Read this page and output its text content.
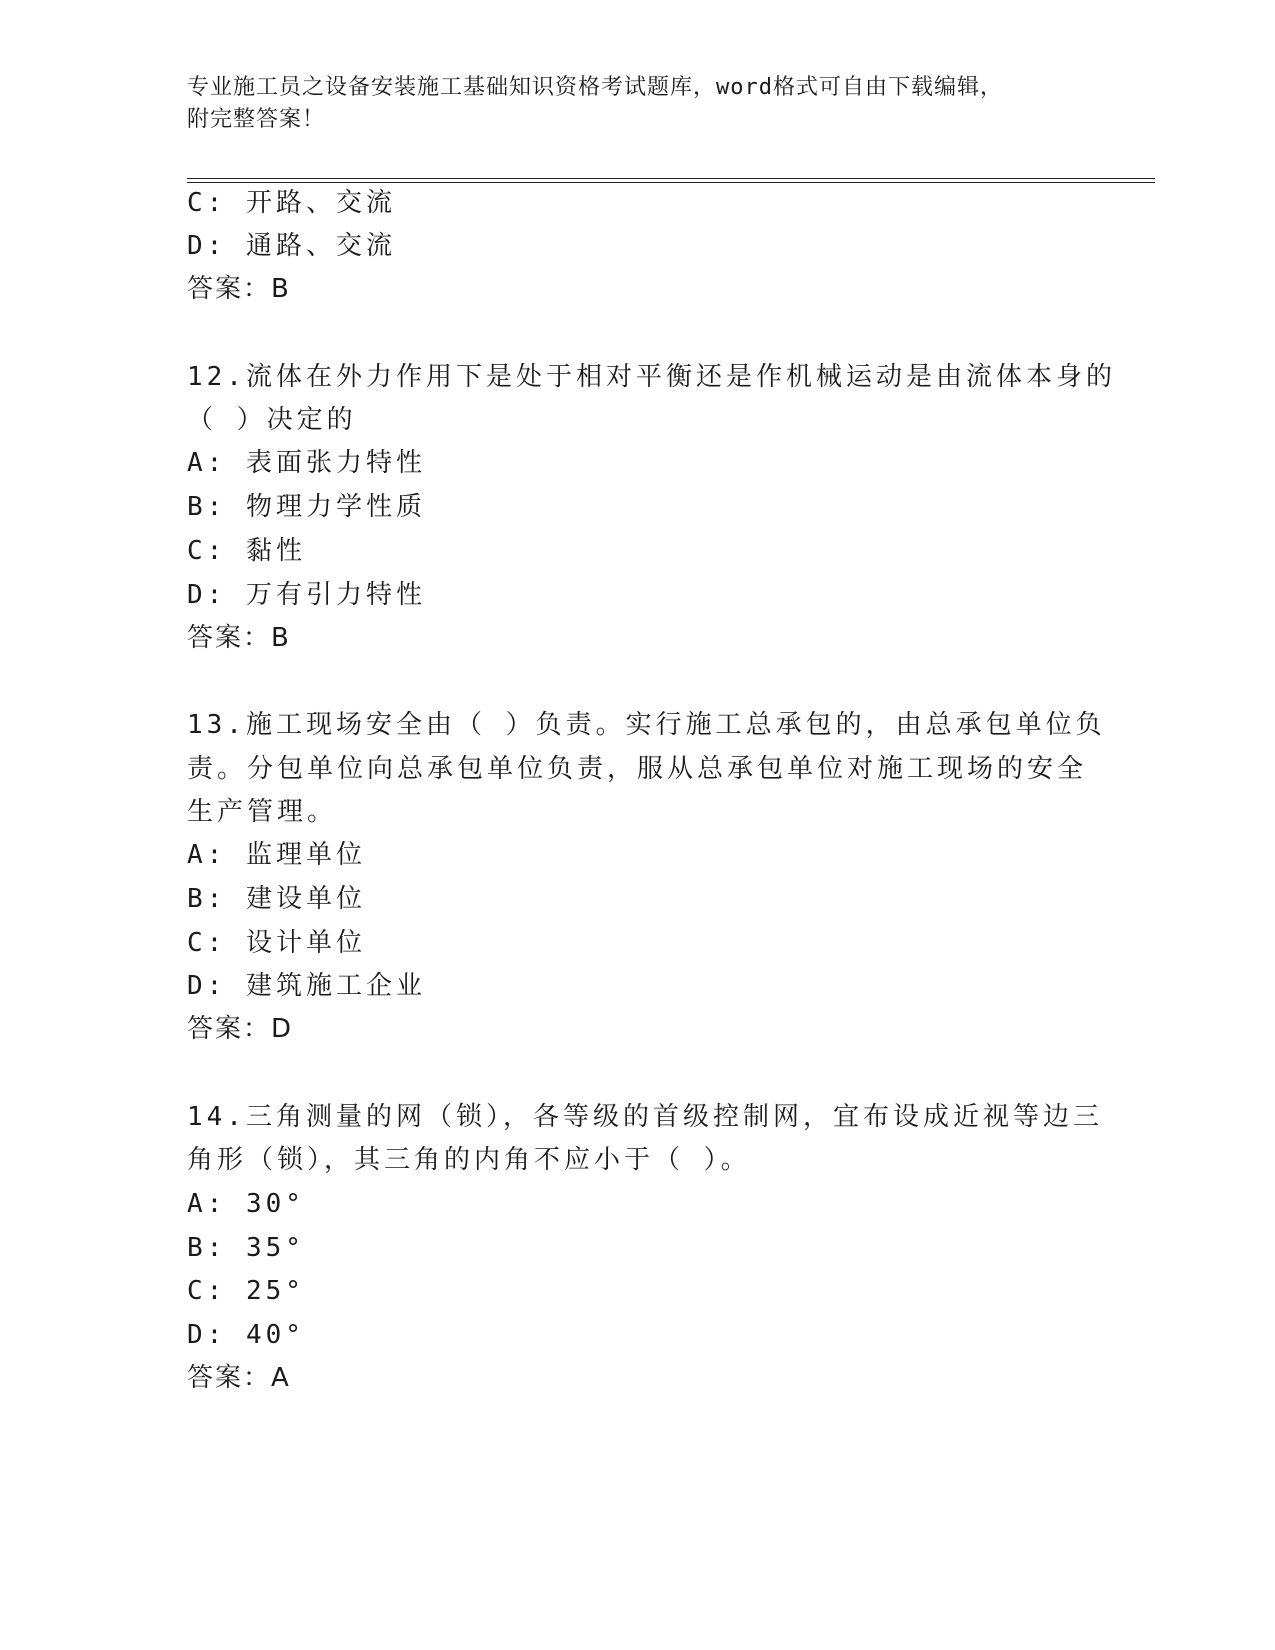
专业施工员之设备安装施工基础知识资格考试题库，word格式可自由下载编辑，
附完整答案！
C: 开路、交流
D: 通路、交流
答案：B
12.流体在外力作用下是处于相对平衡还是作机械运动是由流体本身的
（ ）决定的
A: 表面张力特性
B: 物理力学性质
C: 黏性
D: 万有引力特性
答案：B
13.施工现场安全由（ ）负责。实行施工总承包的，由总承包单位负
责。分包单位向总承包单位负责，服从总承包单位对施工现场的安全
生产管理。
A: 监理单位
B: 建设单位
C: 设计单位
D: 建筑施工企业
答案：D
14.三角测量的网（锁），各等级的首级控制网，宜布设成近视等边三
角形（锁），其三角的内角不应小于（ ）。
A: 30°
B: 35°
C: 25°
D: 40°
答案：A
